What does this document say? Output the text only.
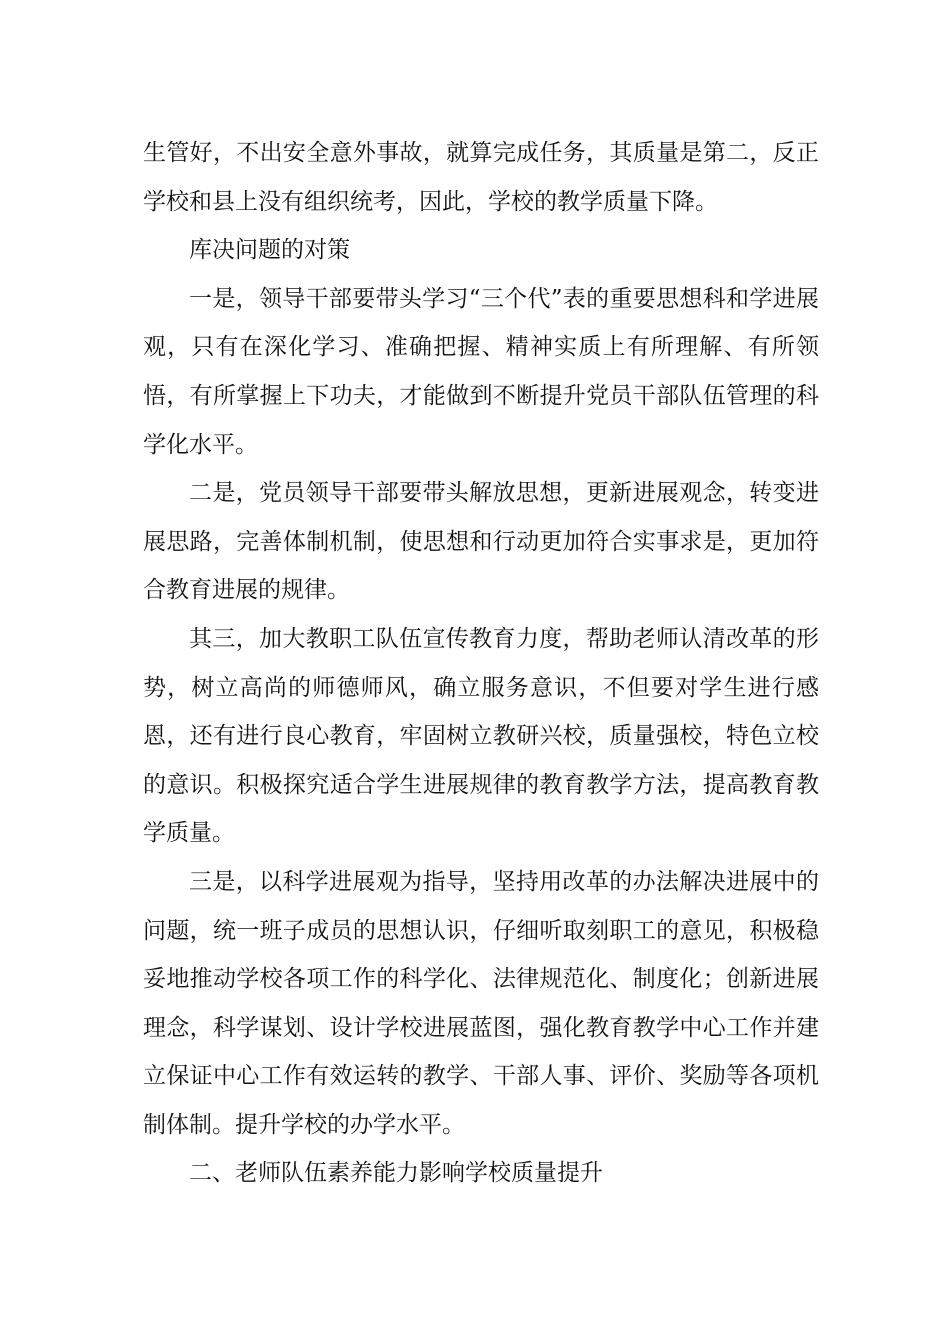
生管好，不出安全意外事故，就算完成任务，其质量是第二，反正学校和县上没有组织统考，因此，学校的教学质量下降。

库决问题的对策

一是，领导干部要带头学习“三个代”表的重要思想科和学进展观，只有在深化学习、准确把握、精神实质上有所理解、有所领悟，有所掌握上下功夫，才能做到不断提升党员干部队伍管理的科学化水平。

二是，党员领导干部要带头解放思想，更新进展观念，转变进展思路，完善体制机制，使思想和行动更加符合实事求是，更加符合教育进展的规律。

其三，加大教职工队伍宣传教育力度，帮助老师认清改革的形势，树立高尚的师德师风，确立服务意识，不但要对学生进行感恩，还有进行良心教育，牢固树立教研兴校，质量强校，特色立校的意识。积极探究适合学生进展规律的教育教学方法，提高教育教学质量。

三是，以科学进展观为指导，坚持用改革的办法解决进展中的问题，统一班子成员的思想认识，仔细听取刻职工的意见，积极稳妥地推动学校各项工作的科学化、法律规范化、制度化；创新进展理念，科学谋划、设计学校进展蓝图，强化教育教学中心工作并建立保证中心工作有效运转的教学、干部人事、评价、奖励等各项机制体制。提升学校的办学水平。

二、老师队伍素养能力影响学校质量提升
